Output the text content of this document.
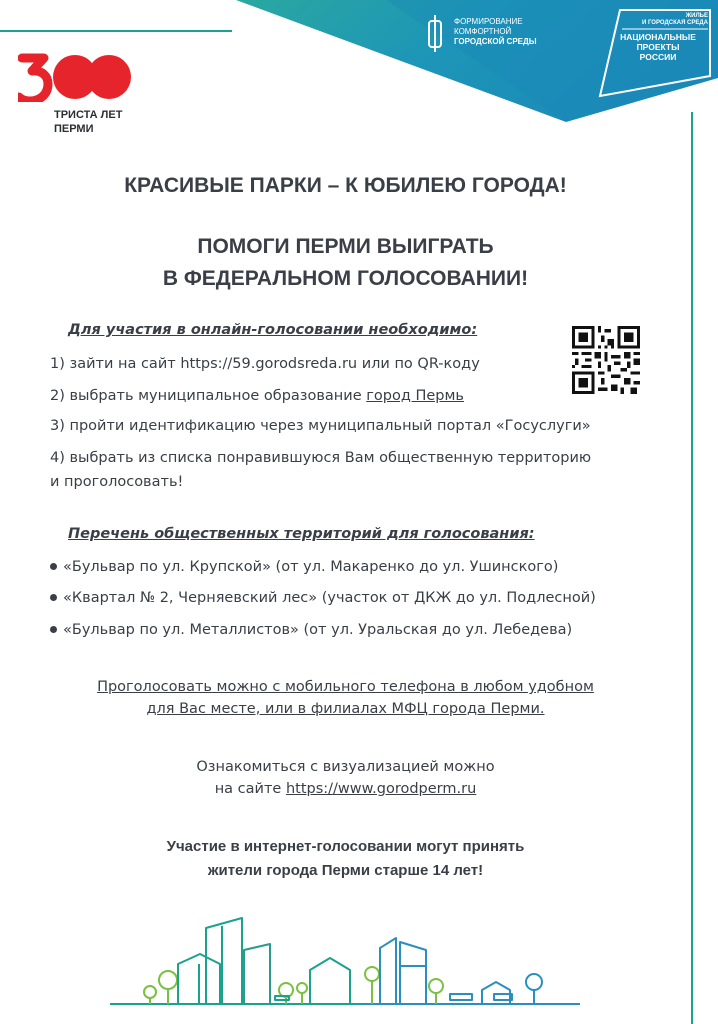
ТРИСТА ЛЕТ
ПЕРМИ
ФОРМИРОВАНИЕ
КОМФОРТНОЙ
ГОРОДСКОЙ СРЕДЫ
ЖИЛЬЕ
И ГОРОДСКАЯ СРЕДА
НАЦИОНАЛЬНЫЕ
ПРОЕКТЫ
РОССИИ
КРАСИВЫЕ ПАРКИ – К ЮБИЛЕЮ ГОРОДА!
ПОМОГИ ПЕРМИ ВЫИГРАТЬ
В ФЕДЕРАЛЬНОМ ГОЛОСОВАНИИ!
Для участия в онлайн-голосовании необходимо:
1) зайти на сайт https://59.gorodsreda.ru или по QR-коду
2) выбрать муниципальное образование город Пермь
3) пройти идентификацию через муниципальный портал «Госуслуги»
4) выбрать из списка понравившуюся Вам общественную территорию
и проголосовать!
Перечень общественных территорий для голосования:
«Бульвар по ул. Крупской» (от ул. Макаренко до ул. Ушинского)
«Квартал № 2, Черняевский лес» (участок от ДКЖ до ул. Подлесной)
«Бульвар по ул. Металлистов» (от ул. Уральская до ул. Лебедева)
Проголосовать можно с мобильного телефона в любом удобном
для Вас месте, или в филиалах МФЦ города Перми.
Ознакомиться с визуализацией можно
на сайте https://www.gorodperm.ru
Участие в интернет-голосовании могут принять
жители города Перми старше 14 лет!
